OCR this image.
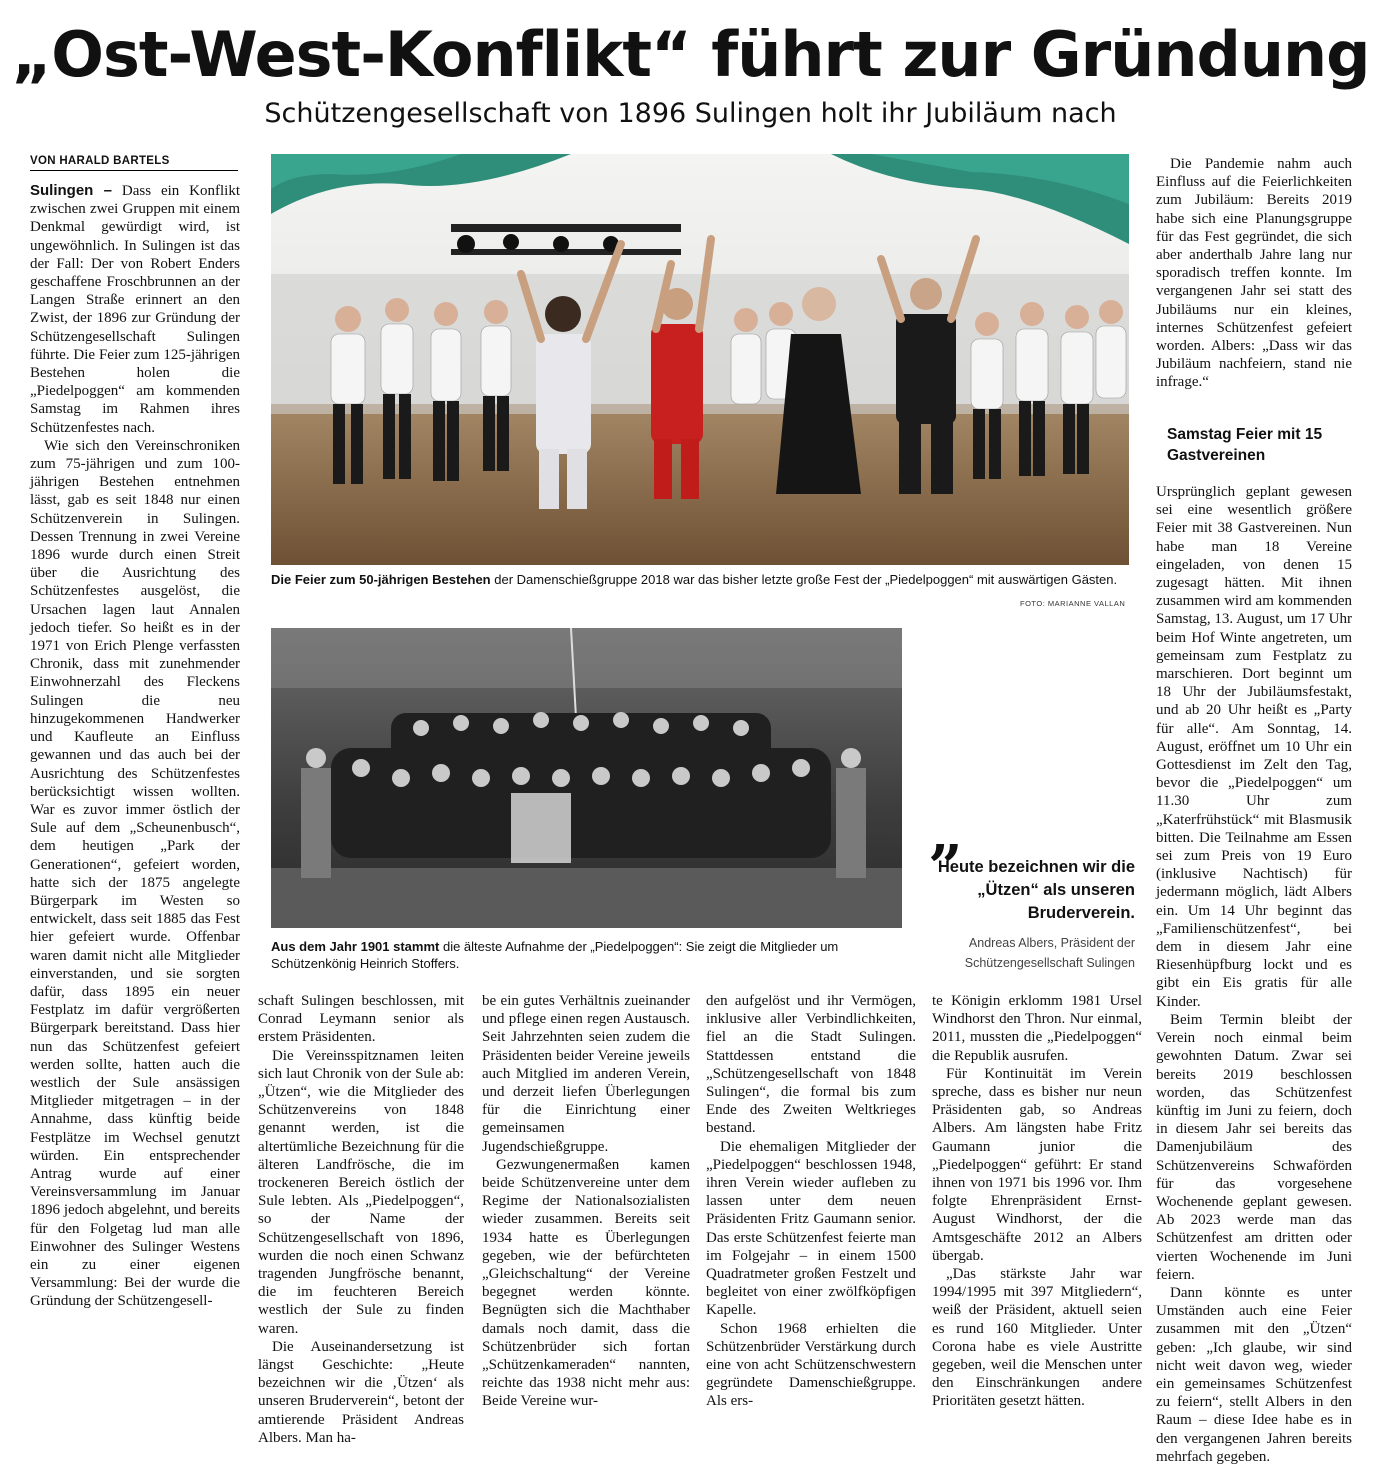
„Ost-West-Konflikt“ führt zur Gründung
Schützengesellschaft von 1896 Sulingen holt ihr Jubiläum nach
VON HARALD BARTELS

Sulingen – Dass ein Konflikt zwischen zwei Gruppen mit einem Denkmal gewürdigt wird, ist ungewöhnlich. In Sulingen ist das der Fall: Der von Robert Enders geschaffene Froschbrunnen an der Langen Straße erinnert an den Zwist, der 1896 zur Gründung der Schützengesellschaft Sulingen führte. Die Feier zum 125-jährigen Bestehen holen die „Piedelpoggen“ am kommenden Samstag im Rahmen ihres Schützenfestes nach.

Wie sich den Vereinschroniken zum 75-jährigen und zum 100-jährigen Bestehen entnehmen lässt, gab es seit 1848 nur einen Schützenverein in Sulingen. Dessen Trennung in zwei Vereine 1896 wurde durch einen Streit über die Ausrichtung des Schützenfestes ausgelöst, die Ursachen lagen laut Annalen jedoch tiefer. So heißt es in der 1971 von Erich Plenge verfassten Chronik, dass mit zunehmender Einwohnerzahl des Fleckens Sulingen die neu hinzugekommenen Handwerker und Kaufleute an Einfluss gewannen und das auch bei der Ausrichtung des Schützenfestes berücksichtigt wissen wollten. War es zuvor immer östlich der Sule auf dem „Scheunenbusch“, dem heutigen „Park der Generationen“, gefeiert worden, hatte sich der 1875 angelegte Bürgerpark im Westen so entwickelt, dass seit 1885 das Fest hier gefeiert wurde. Offenbar waren damit nicht alle Mitglieder einverstanden, und sie sorgten dafür, dass 1895 ein neuer Festplatz im dafür vergrößerten Bürgerpark bereitstand. Dass hier nun das Schützenfest gefeiert werden sollte, hatten auch die westlich der Sule ansässigen Mitglieder mitgetragen – in der Annahme, dass künftig beide Festplätze im Wechsel genutzt würden. Ein entsprechender Antrag wurde auf einer Vereinsversammlung im Januar 1896 jedoch abgelehnt, und bereits für den Folgetag lud man alle Einwohner des Sulinger Westens ein zu einer eigenen Versammlung: Bei der wurde die Gründung der Schützengesell-

Die Feier zum 50-jährigen Bestehen der Damenschießgruppe 2018 war das bisher letzte große Fest der „Piedelpoggen“ mit auswärtigen Gästen.
FOTO: MARIANNE VALLAN

Die Pandemie nahm auch Einfluss auf die Feierlichkeiten zum Jubiläum: Bereits 2019 habe sich eine Planungsgruppe für das Fest gegründet, die sich aber anderthalb Jahre lang nur sporadisch treffen konnte. Im vergangenen Jahr sei statt des Jubiläums nur ein kleines, internes Schützenfest gefeiert worden. Albers: „Dass wir das Jubiläum nachfeiern, stand nie infrage.“

Samstag Feier mit 15 Gastvereinen

Ursprünglich geplant gewesen sei eine wesentlich größere Feier mit 38 Gastvereinen. Nun habe man 18 Vereine eingeladen, von denen 15 zugesagt hätten. Mit ihnen zusammen wird am kommenden Samstag, 13. August, um 17 Uhr beim Hof Winte angetreten, um gemeinsam zum Festplatz zu marschieren. Dort beginnt um 18 Uhr der Jubiläumsfestakt, und ab 20 Uhr heißt es „Party für alle“. Am Sonntag, 14. August, eröffnet um 10 Uhr ein Gottesdienst im Zelt den Tag, bevor die „Piedelpoggen“ um 11.30 Uhr zum „Katerfrühstück“ mit Blasmusik bitten. Die Teilnahme am Essen sei zum Preis von 19 Euro (inklusive Nachtisch) für jedermann möglich, lädt Albers ein. Um 14 Uhr beginnt das „Familienschützenfest“, bei dem in diesem Jahr eine Riesenhüpfburg lockt und es gibt ein Eis gratis für alle Kinder.

Beim Termin bleibt der Verein noch einmal beim gewohnten Datum. Zwar sei bereits 2019 beschlossen worden, das Schützenfest künftig im Juni zu feiern, doch in diesem Jahr sei bereits das Damenjubiläum des Schützenvereins Schwaförden für das vorgesehene Wochenende geplant gewesen. Ab 2023 werde man das Schützenfest am dritten oder vierten Wochenende im Juni feiern.

Dann könnte es unter Umständen auch eine Feier zusammen mit den „Ützen“ geben: „Ich glaube, wir sind nicht weit davon weg, wieder ein gemeinsames Schützenfest zu feiern“, stellt Albers in den Raum – diese Idee habe es in den vergangenen Jahren bereits mehrfach gegeben.

Aus dem Jahr 1901 stammt die älteste Aufnahme der „Piedelpoggen“: Sie zeigt die Mitglieder um Schützenkönig Heinrich Stoffers.
”
Heute bezeichnen wir die „Ützen“ als unseren Bruderverein.
Andreas Albers, Präsident der Schützengesellschaft Sulingen

schaft Sulingen beschlossen, mit Conrad Leymann senior als erstem Präsidenten.

Die Vereinsspitznamen leiten sich laut Chronik von der Sule ab: „Ützen“, wie die Mitglieder des Schützenvereins von 1848 genannt werden, ist die altertümliche Bezeichnung für die älteren Landfrösche, die im trockeneren Bereich östlich der Sule lebten. Als „Piedelpoggen“, so der Name der Schützengesellschaft von 1896, wurden die noch einen Schwanz tragenden Jungfrösche benannt, die im feuchteren Bereich westlich der Sule zu finden waren.

Die Auseinandersetzung ist längst Geschichte: „Heute bezeichnen wir die ‚Ützen‘ als unseren Bruderverein“, betont der amtierende Präsident Andreas Albers. Man ha-

be ein gutes Verhältnis zueinander und pflege einen regen Austausch. Seit Jahrzehnten seien zudem die Präsidenten beider Vereine jeweils auch Mitglied im anderen Verein, und derzeit liefen Überlegungen für die Einrichtung einer gemeinsamen Jugendschießgruppe.

Gezwungenermaßen kamen beide Schützenvereine unter dem Regime der Nationalsozialisten wieder zusammen. Bereits seit 1934 hatte es Überlegungen gegeben, wie der befürchteten „Gleichschaltung“ der Vereine begegnet werden könnte. Begnügten sich die Machthaber damals noch damit, dass die Schützenbrüder sich fortan „Schützenkameraden“ nannten, reichte das 1938 nicht mehr aus: Beide Vereine wur-

den aufgelöst und ihr Vermögen, inklusive aller Verbindlichkeiten, fiel an die Stadt Sulingen. Stattdessen entstand die „Schützengesellschaft von 1848 Sulingen“, die formal bis zum Ende des Zweiten Weltkrieges bestand.

Die ehemaligen Mitglieder der „Piedelpoggen“ beschlossen 1948, ihren Verein wieder aufleben zu lassen unter dem neuen Präsidenten Fritz Gaumann senior. Das erste Schützenfest feierte man im Folgejahr – in einem 1500 Quadratmeter großen Festzelt und begleitet von einer zwölfköpfigen Kapelle.

Schon 1968 erhielten die Schützenbrüder Verstärkung durch eine von acht Schützenschwestern gegründete Damenschießgruppe. Als ers-

te Königin erklomm 1981 Ursel Windhorst den Thron. Nur einmal, 2011, mussten die „Piedelpoggen“ die Republik ausrufen.

Für Kontinuität im Verein spreche, dass es bisher nur neun Präsidenten gab, so Andreas Albers. Am längsten habe Fritz Gaumann junior die „Piedelpoggen“ geführt: Er stand ihnen von 1971 bis 1996 vor. Ihm folgte Ehrenpräsident Ernst-August Windhorst, der die Amtsgeschäfte 2012 an Albers übergab.

„Das stärkste Jahr war 1994/1995 mit 397 Mitgliedern“, weiß der Präsident, aktuell seien es rund 160 Mitglieder. Unter Corona habe es viele Austritte gegeben, weil die Menschen unter den Einschränkungen andere Prioritäten gesetzt hätten.
